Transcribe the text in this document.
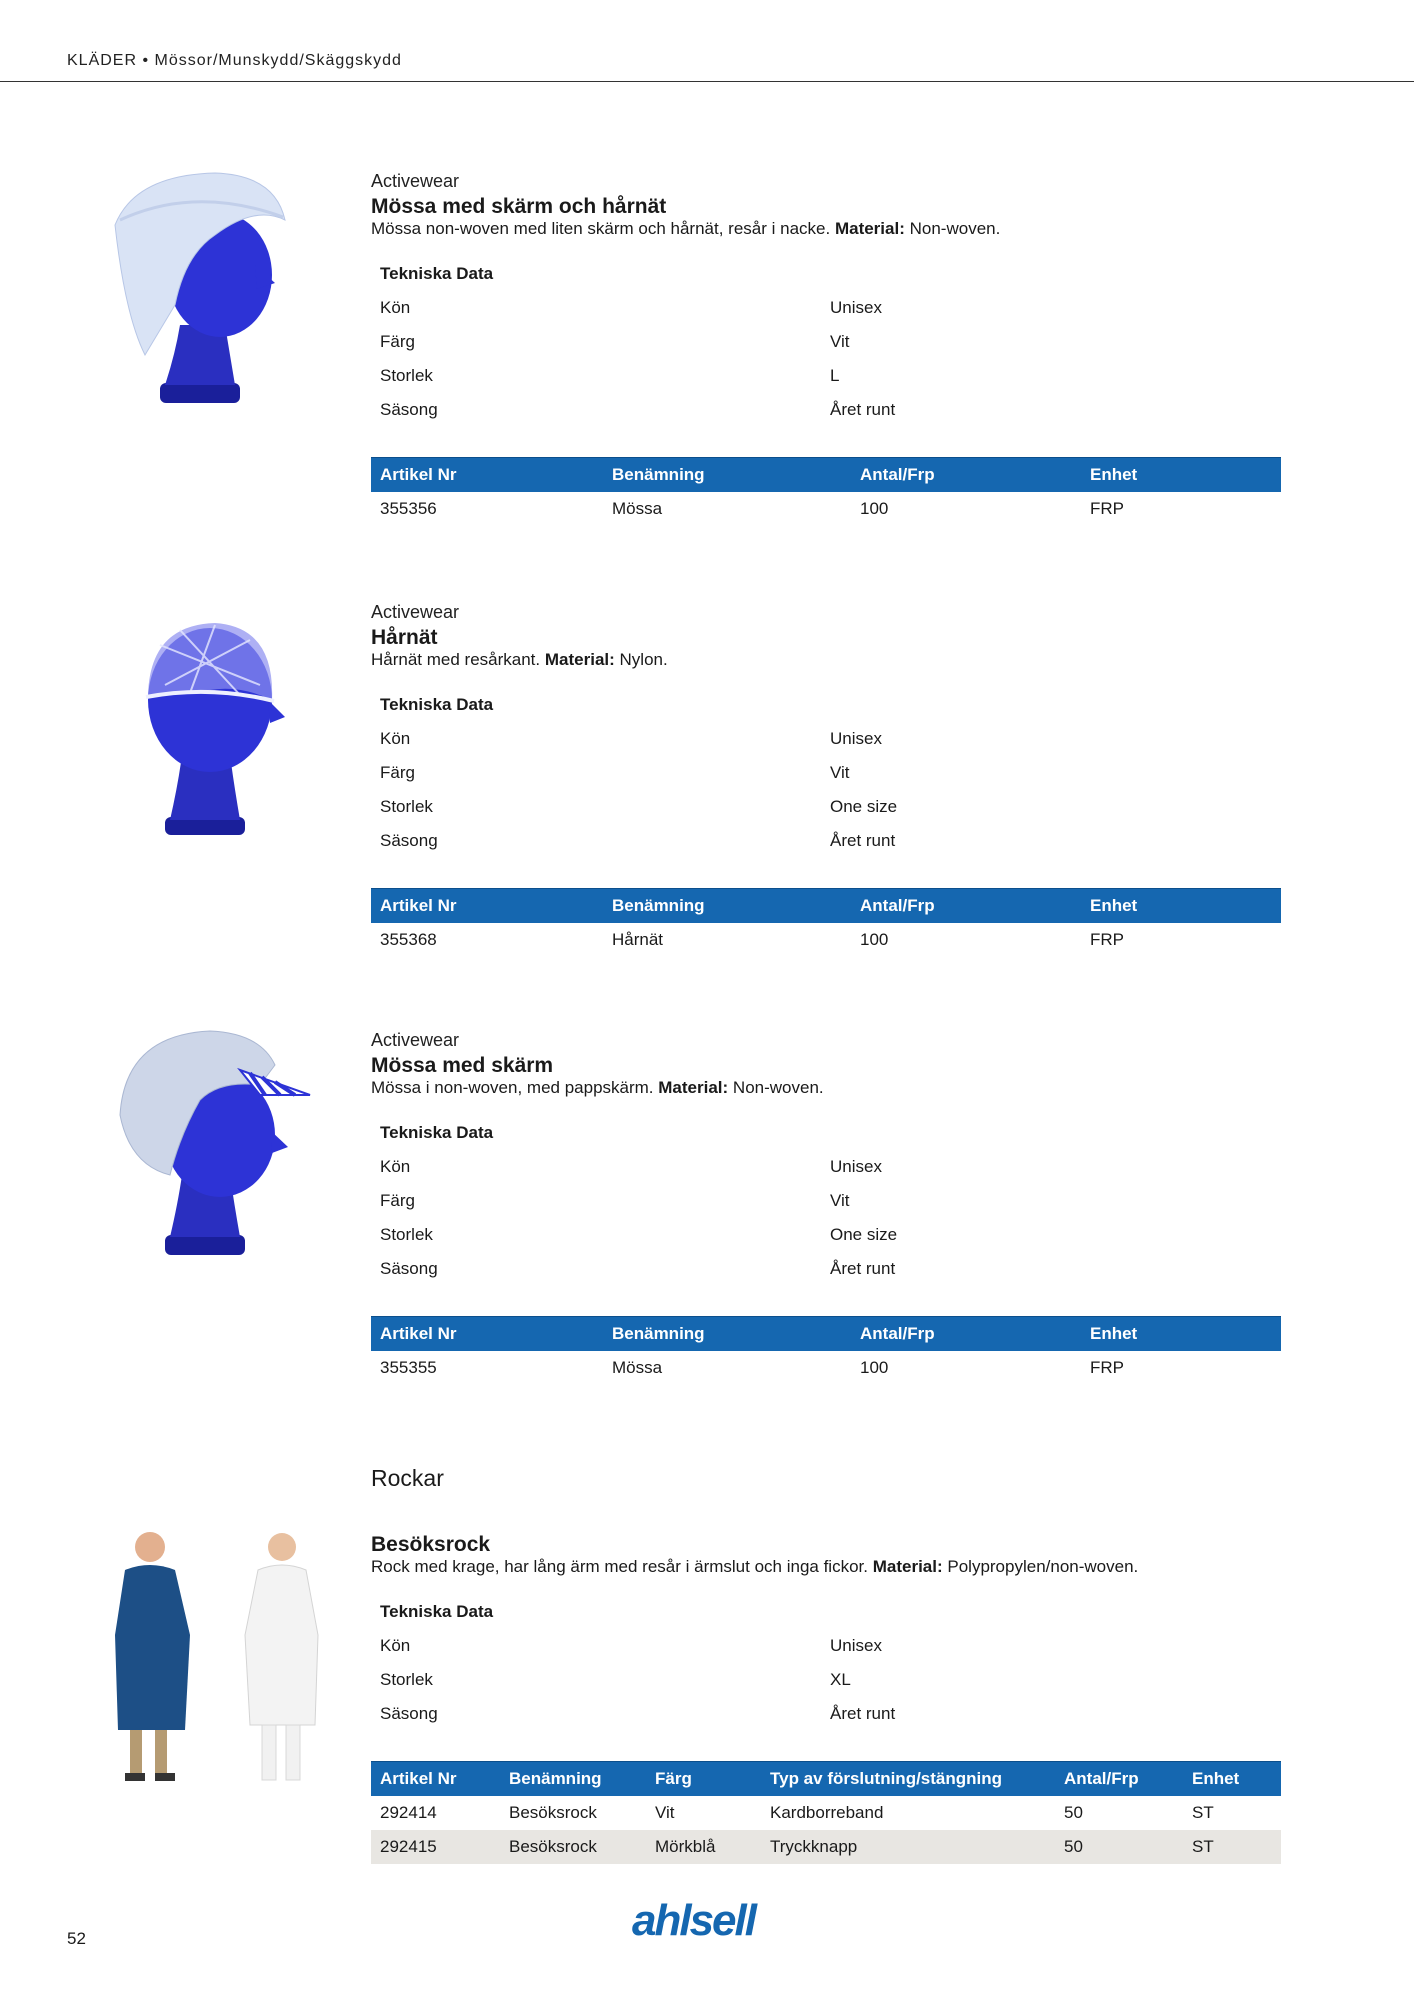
KLÄDER • Mössor/Munskydd/Skäggskydd
Activewear
Mössa med skärm och hårnät
Mössa non-woven med liten skärm och hårnät, resår i nacke. Material: Non-woven.
Tekniska Data
Kön	Unisex
Färg	Vit
Storlek	L
Säsong	Året runt
Artikel Nr	Benämning	Antal/Frp	Enhet
355356	Mössa	100	FRP
Activewear
Hårnät
Hårnät med resårkant. Material: Nylon.
Tekniska Data
Kön	Unisex
Färg	Vit
Storlek	One size
Säsong	Året runt
Artikel Nr	Benämning	Antal/Frp	Enhet
355368	Hårnät	100	FRP
Activewear
Mössa med skärm
Mössa i non-woven, med pappskärm. Material: Non-woven.
Tekniska Data
Kön	Unisex
Färg	Vit
Storlek	One size
Säsong	Året runt
Artikel Nr	Benämning	Antal/Frp	Enhet
355355	Mössa	100	FRP
Rockar
Besöksrock
Rock med krage, har lång ärm med resår i ärmslut och inga fickor. Material: Polypropylen/non-woven.
Tekniska Data
Kön	Unisex
Storlek	XL
Säsong	Året runt
Artikel Nr	Benämning	Färg	Typ av förslutning/stängning	Antal/Frp	Enhet
292414	Besöksrock	Vit	Kardborreband	50	ST
292415	Besöksrock	Mörkblå	Tryckknapp	50	ST
52	ahlsell
